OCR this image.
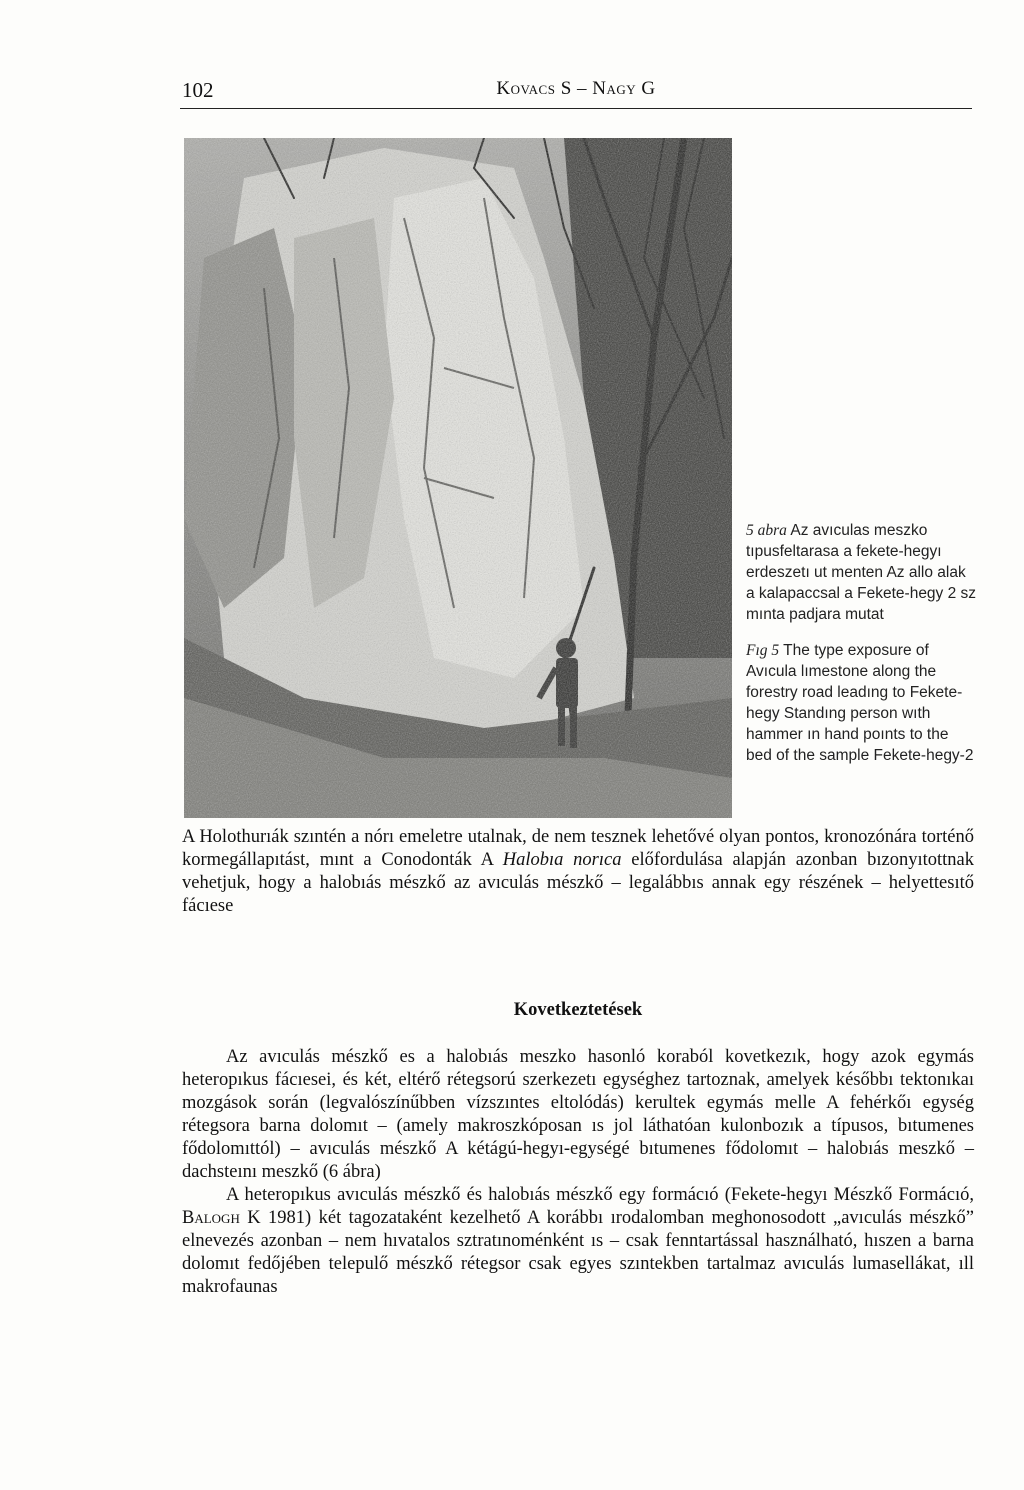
102	Kovacs S – Nagy G

5 abra Az avıculas meszko tıpusfeltarasa a fekete-hegyı erdeszetı ut menten Az allo alak a kalapaccsal a Fekete-hegy 2 sz mınta padjara mutat

Fıg 5 The type exposure of Avıcula lımestone along the forestry road leadıng to Fekete-hegy Standıng person wıth hammer ın hand poınts to the bed of the sample Fekete-hegy-2

A Holothurıák szıntén a nórı emeletre utalnak, de nem tesznek lehetővé olyan pontos, kronozónára torténő kormegállapıtást, mınt a Conodonták A Halobıa norıca előfordulása alapján azonban bızonyıtottnak vehetjuk, hogy a halobıás mészkő az avıculás mészkő – legalábbıs annak egy részének – helyettesıtő fácıese

Kovetkeztetések

Az avıculás mészkő es a halobıás meszko hasonló koraból kovetkezık, hogy azok egymás heteropıkus fácıesei, és két, eltérő rétegsorú szerkezetı egységhez tartoznak, amelyek későbbı tektonıkaı mozgások során (legvalószínűbben vízszıntes eltolódás) kerultek egymás melle A fehérkőı egység rétegsora barna dolomıt – (amely makroszkóposan ıs jol láthatóan kulonbozık a típusos, bıtumenes fődolomıttól) – avıculás mészkő A kétágú-hegyı-egységé bıtumenes fődolomıt – halobıás meszkő – dachsteını meszkő (6 ábra)

A heteropıkus avıculás mészkő és halobıás mészkő egy formácıó (Fekete-hegyı Mészkő Formácıó, Balogh K 1981) két tagozataként kezelhető A korábbı ırodalomban meghonosodott „avıculás mészkő” elnevezés azonban – nem hıvatalos sztratınoménként ıs – csak fenntartással használható, hıszen a barna dolomıt fedőjében telepulő mészkő rétegsor csak egyes szıntekben tartalmaz avıculás lumasellákat, ıll makrofaunas
